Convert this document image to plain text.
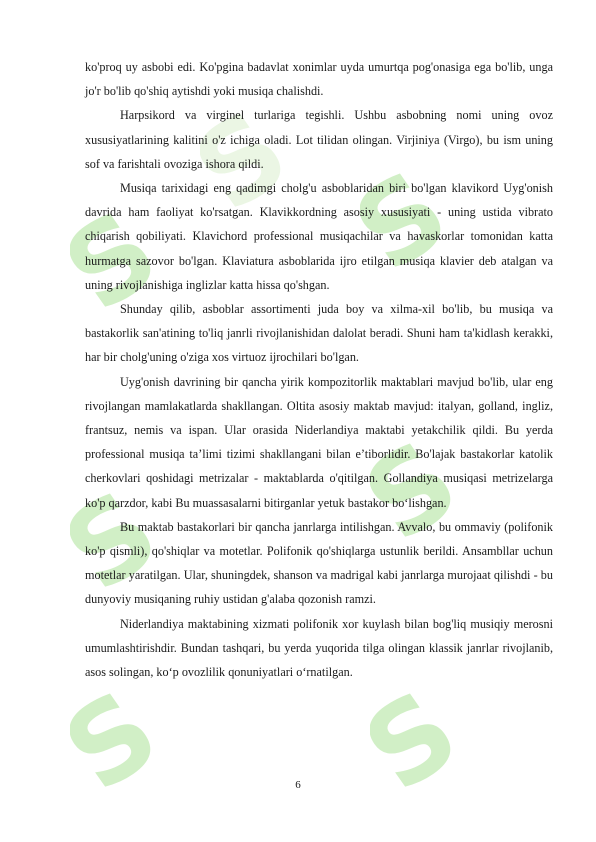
S S
S
S
S
S S

ko'proq uy asbobi edi. Ko'pgina badavlat xonimlar uyda umurtqa pog'onasiga ega bo'lib, unga jo'r bo'lib qo'shiq aytishdi yoki musiqa chalishdi.

Harpsikord va virginel turlariga tegishli. Ushbu asbobning nomi uning ovoz xususiyatlarining kalitini o'z ichiga oladi. Lot tilidan olingan. Virjiniya (Virgo), bu ism uning sof va farishtali ovoziga ishora qildi.

Musiqa tarixidagi eng qadimgi cholg'u asboblaridan biri bo'lgan klavikord Uyg'onish davrida ham faoliyat ko'rsatgan. Klavikkordning asosiy xususiyati - uning ustida vibrato chiqarish qobiliyati. Klavichord professional musiqachilar va havaskorlar tomonidan katta hurmatga sazovor bo'lgan. Klaviatura asboblarida ijro etilgan musiqa klavier deb atalgan va uning rivojlanishiga inglizlar katta hissa qo'shgan.

Shunday qilib, asboblar assortimenti juda boy va xilma-xil bo'lib, bu musiqa va bastakorlik san'atining to'liq janrli rivojlanishidan dalolat beradi. Shuni ham ta'kidlash kerakki, har bir cholg'uning o'ziga xos virtuoz ijrochilari bo'lgan.

Uyg'onish davrining bir qancha yirik kompozitorlik maktablari mavjud bo'lib, ular eng rivojlangan mamlakatlarda shakllangan. Oltita asosiy maktab mavjud: italyan, golland, ingliz, frantsuz, nemis va ispan. Ular orasida Niderlandiya maktabi yetakchilik qildi. Bu yerda professional musiqa ta’limi tizimi shakllangani bilan e’tiborlidir. Bo'lajak bastakorlar katolik cherkovlari qoshidagi metrizalar - maktablarda o'qitilgan. Gollandiya musiqasi metrizelarga ko'p qarzdor, kabi Bu muassasalarni bitirganlar yetuk bastakor bo‘lishgan.

Bu maktab bastakorlari bir qancha janrlarga intilishgan. Avvalo, bu ommaviy (polifonik ko'p qismli), qo'shiqlar va motetlar. Polifonik qo'shiqlarga ustunlik berildi. Ansambllar uchun motetlar yaratilgan. Ular, shuningdek, shanson va madrigal kabi janrlarga murojaat qilishdi - bu dunyoviy musiqaning ruhiy ustidan g'alaba qozonish ramzi.

Niderlandiya maktabining xizmati polifonik xor kuylash bilan bog'liq musiqiy merosni umumlashtirishdir. Bundan tashqari, bu yerda yuqorida tilga olingan klassik janrlar rivojlanib, asos solingan, ko‘p ovozlilik qonuniyatlari o‘rnatilgan.

6
